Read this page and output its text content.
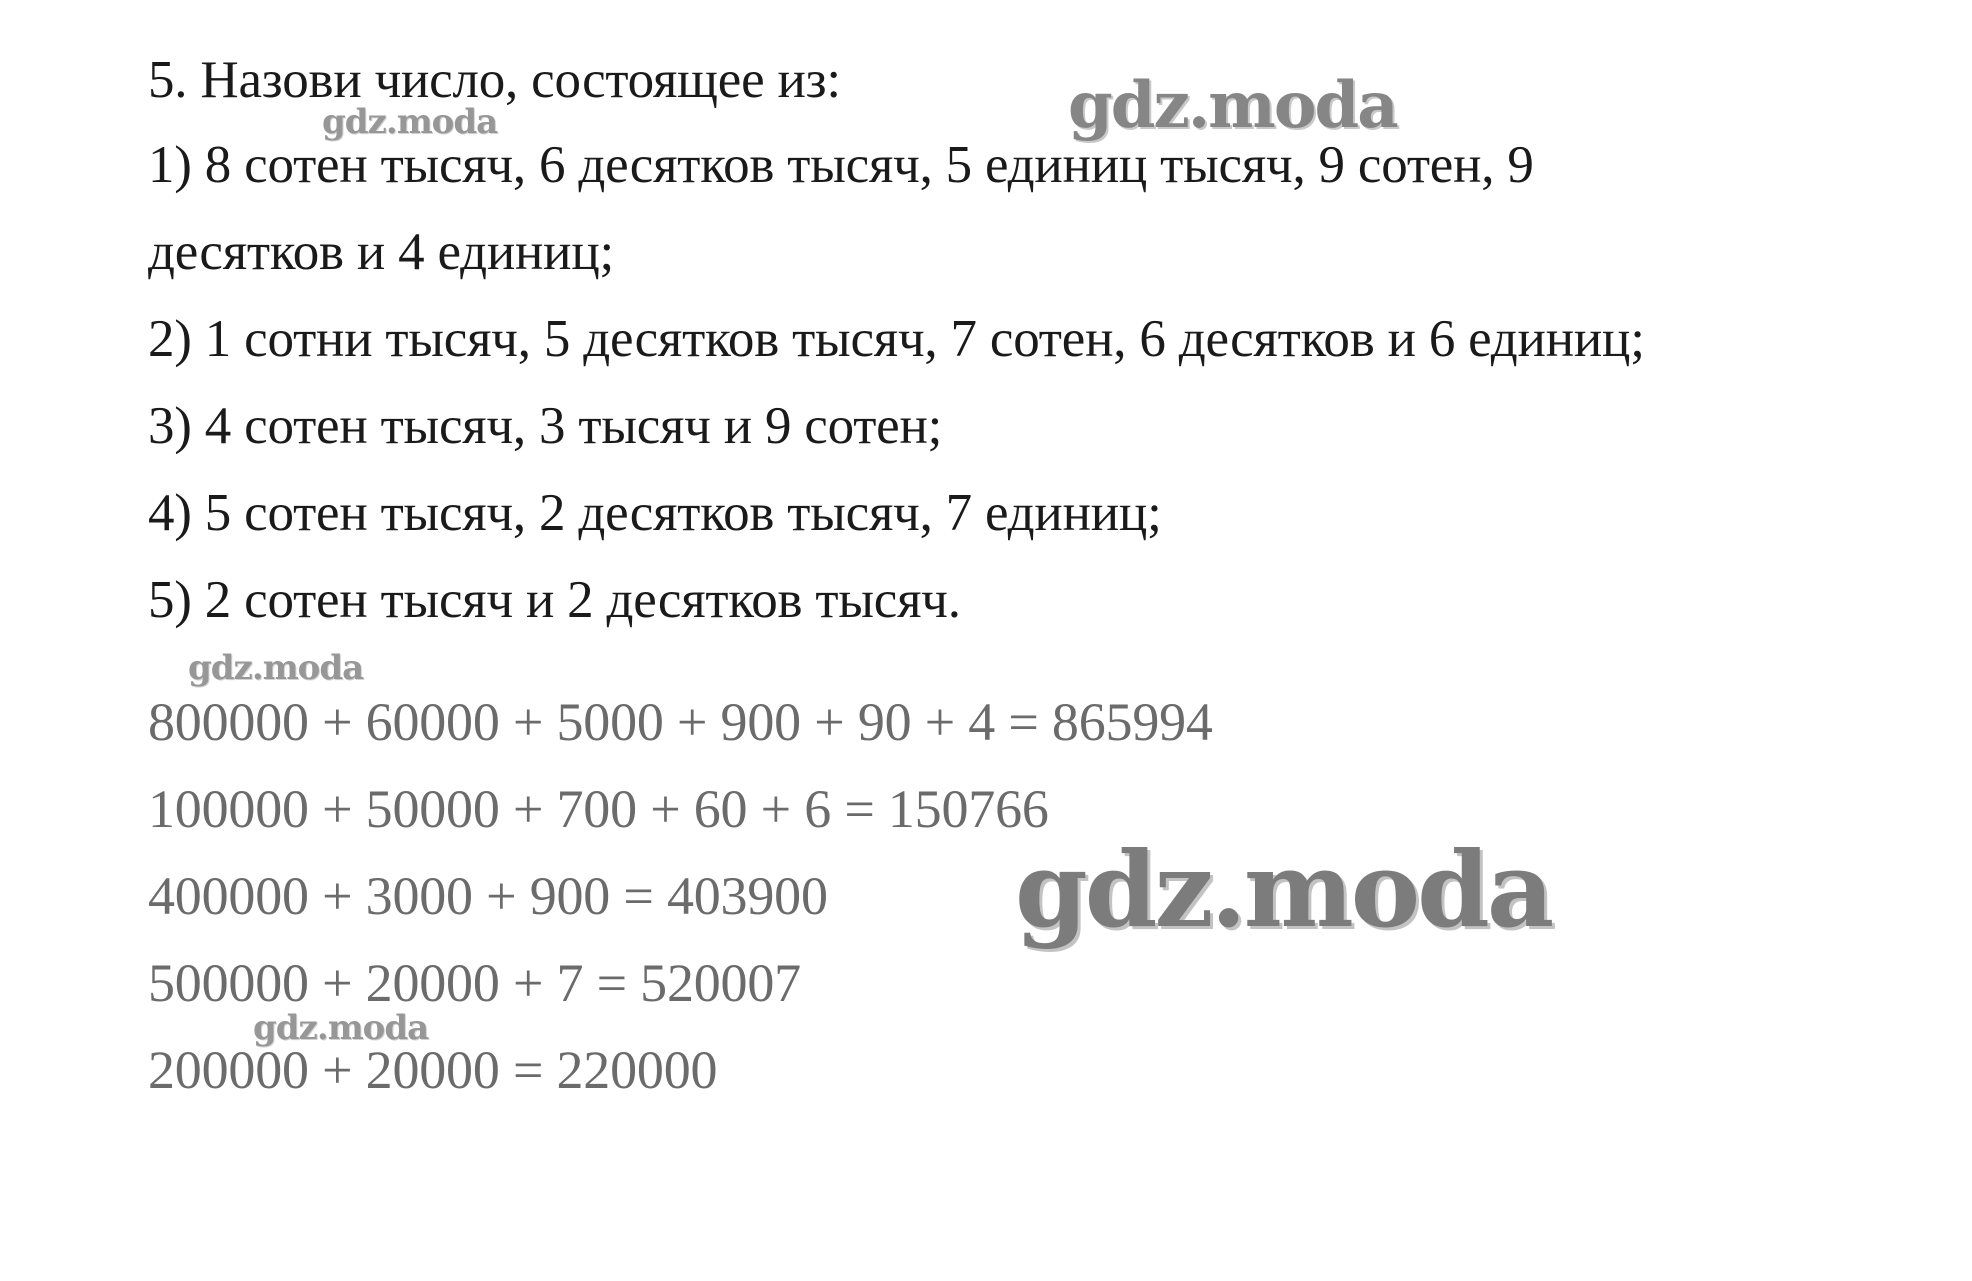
5. Назови число, состоящее из:
1) 8 сотен тысяч, 6 десятков тысяч, 5 единиц тысяч, 9 сотен, 9
десятков и 4 единиц;
2) 1 сотни тысяч, 5 десятков тысяч, 7 сотен, 6 десятков и 6 единиц;
3) 4 сотен тысяч, 3 тысяч и 9 сотен;
4) 5 сотен тысяч, 2 десятков тысяч, 7 единиц;
5) 2 сотен тысяч и 2 десятков тысяч.
800000 + 60000 + 5000 + 900 + 90 + 4 = 865994
100000 + 50000 + 700 + 60 + 6 = 150766
400000 + 3000 + 900 = 403900
500000 + 20000 + 7 = 520007
200000 + 20000 = 220000
gdz.moda
gdz.moda
gdz.moda
gdz.moda
gdz.moda
